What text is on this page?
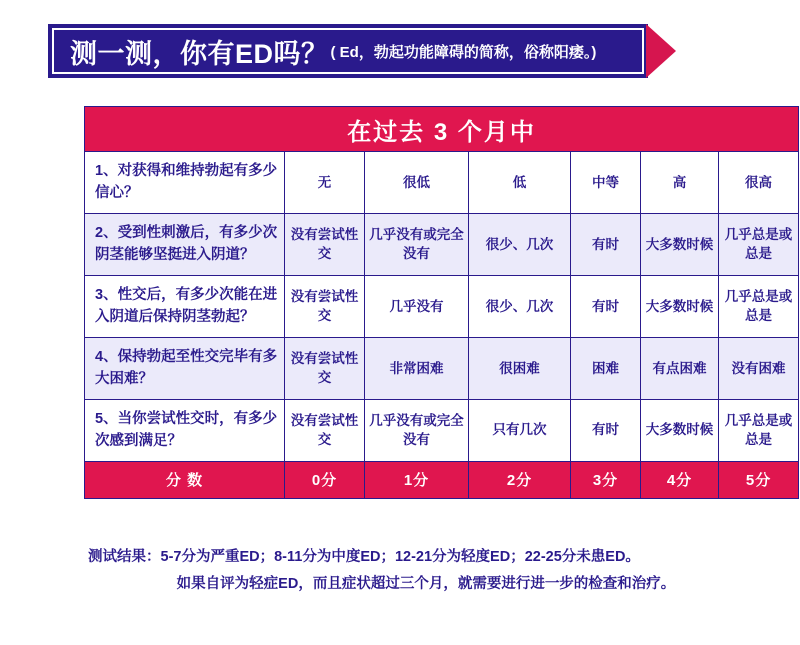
测一测，你有ED吗？ ( Ed，勃起功能障碍的简称，俗称阳痿。)
在过去 3 个月中						
1、对获得和维持勃起有多少信心？	无	很低	低	中等	高	很高
2、受到性刺激后，有多少次阴茎能够坚挺进入阴道？	没有尝试性交	几乎没有或完全没有	很少、几次	有时	大多数时候	几乎总是或总是
3、性交后，有多少次能在进入阴道后保持阴茎勃起？	没有尝试性交	几乎没有	很少、几次	有时	大多数时候	几乎总是或总是
4、保持勃起至性交完毕有多大困难？	没有尝试性交	非常困难	很困难	困难	有点困难	没有困难
5、当你尝试性交时，有多少次感到满足？	没有尝试性交	几乎没有或完全没有	只有几次	有时	大多数时候	几乎总是或总是
分 数	0分	1分	2分	3分	4分	5分
测试结果：5-7分为严重ED；8-11分为中度ED；12-21分为轻度ED；22-25分未患ED。
如果自评为轻症ED，而且症状超过三个月，就需要进行进一步的检查和治疗。
